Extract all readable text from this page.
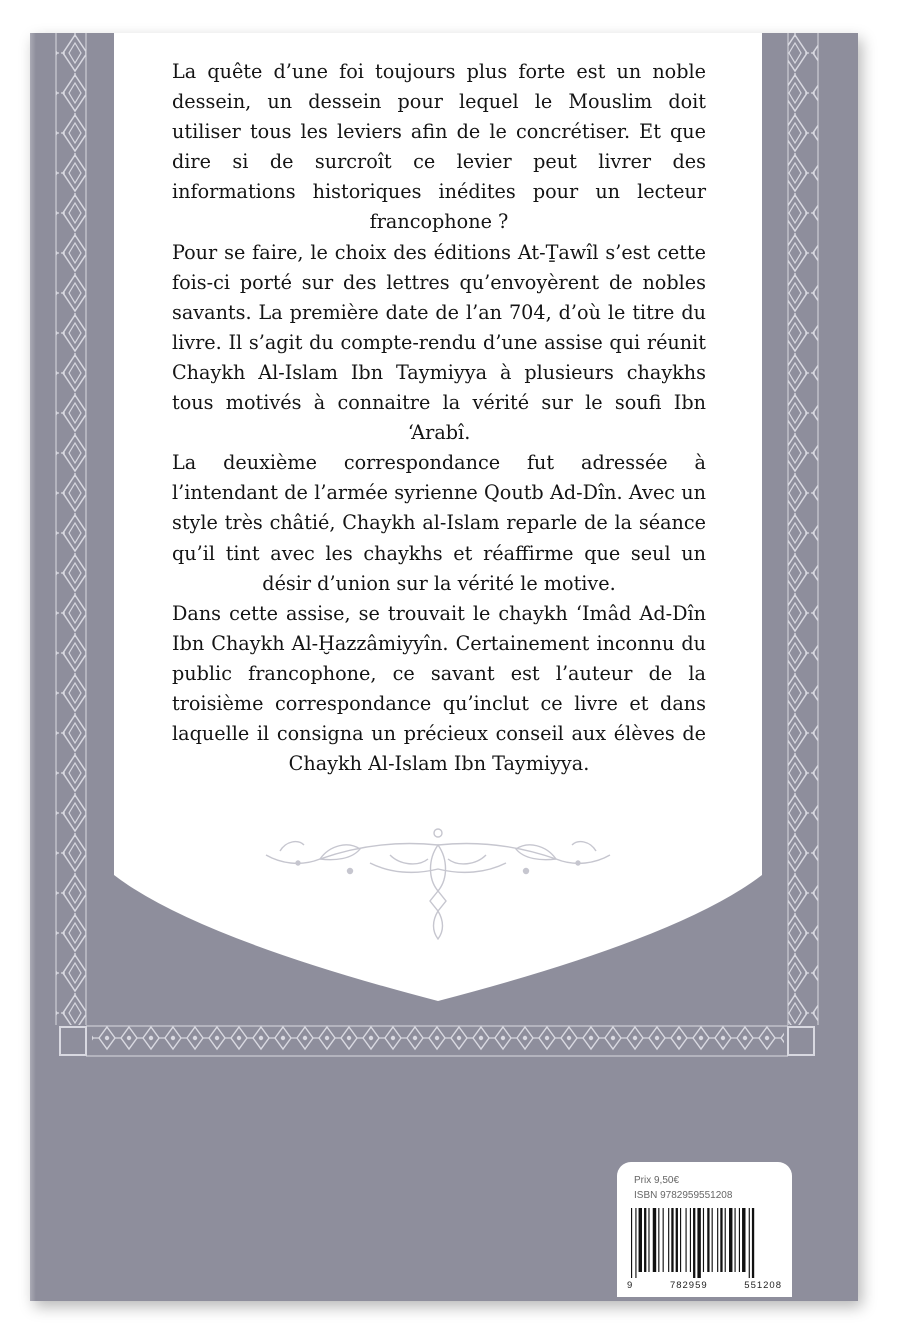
La quête d’une foi toujours plus forte est un noble dessein, un dessein pour lequel le Mouslim doit utiliser tous les leviers afin de le concrétiser. Et que dire si de surcroît ce levier peut livrer des informations historiques inédites pour un lecteur francophone ?

Pour se faire, le choix des éditions At-Ṯawîl s’est cette fois-ci porté sur des lettres qu’envoyèrent de nobles savants. La première date de l’an 704, d’où le titre du livre. Il s’agit du compte-rendu d’une assise qui réunit Chaykh Al-Islam Ibn Taymiyya à plusieurs chaykhs tous motivés à connaitre la vérité sur le soufi Ibn ‘Arabî.

La deuxième correspondance fut adressée à l’intendant de l’armée syrienne Qoutb Ad-Dîn. Avec un style très châtié, Chaykh al-Islam reparle de la séance qu’il tint avec les chaykhs et réaffirme que seul un désir d’union sur la vérité le motive.

Dans cette assise, se trouvait le chaykh ‘Imâd Ad-Dîn Ibn Chaykh Al-Ḫazzâmiyyîn. Certainement inconnu du public francophone, ce savant est l’auteur de la troisième correspondance qu’inclut ce livre et dans laquelle il consigna un précieux conseil aux élèves de Chaykh Al-Islam Ibn Taymiyya.

Prix 9,50€
ISBN 9782959551208
9	782959	551208
